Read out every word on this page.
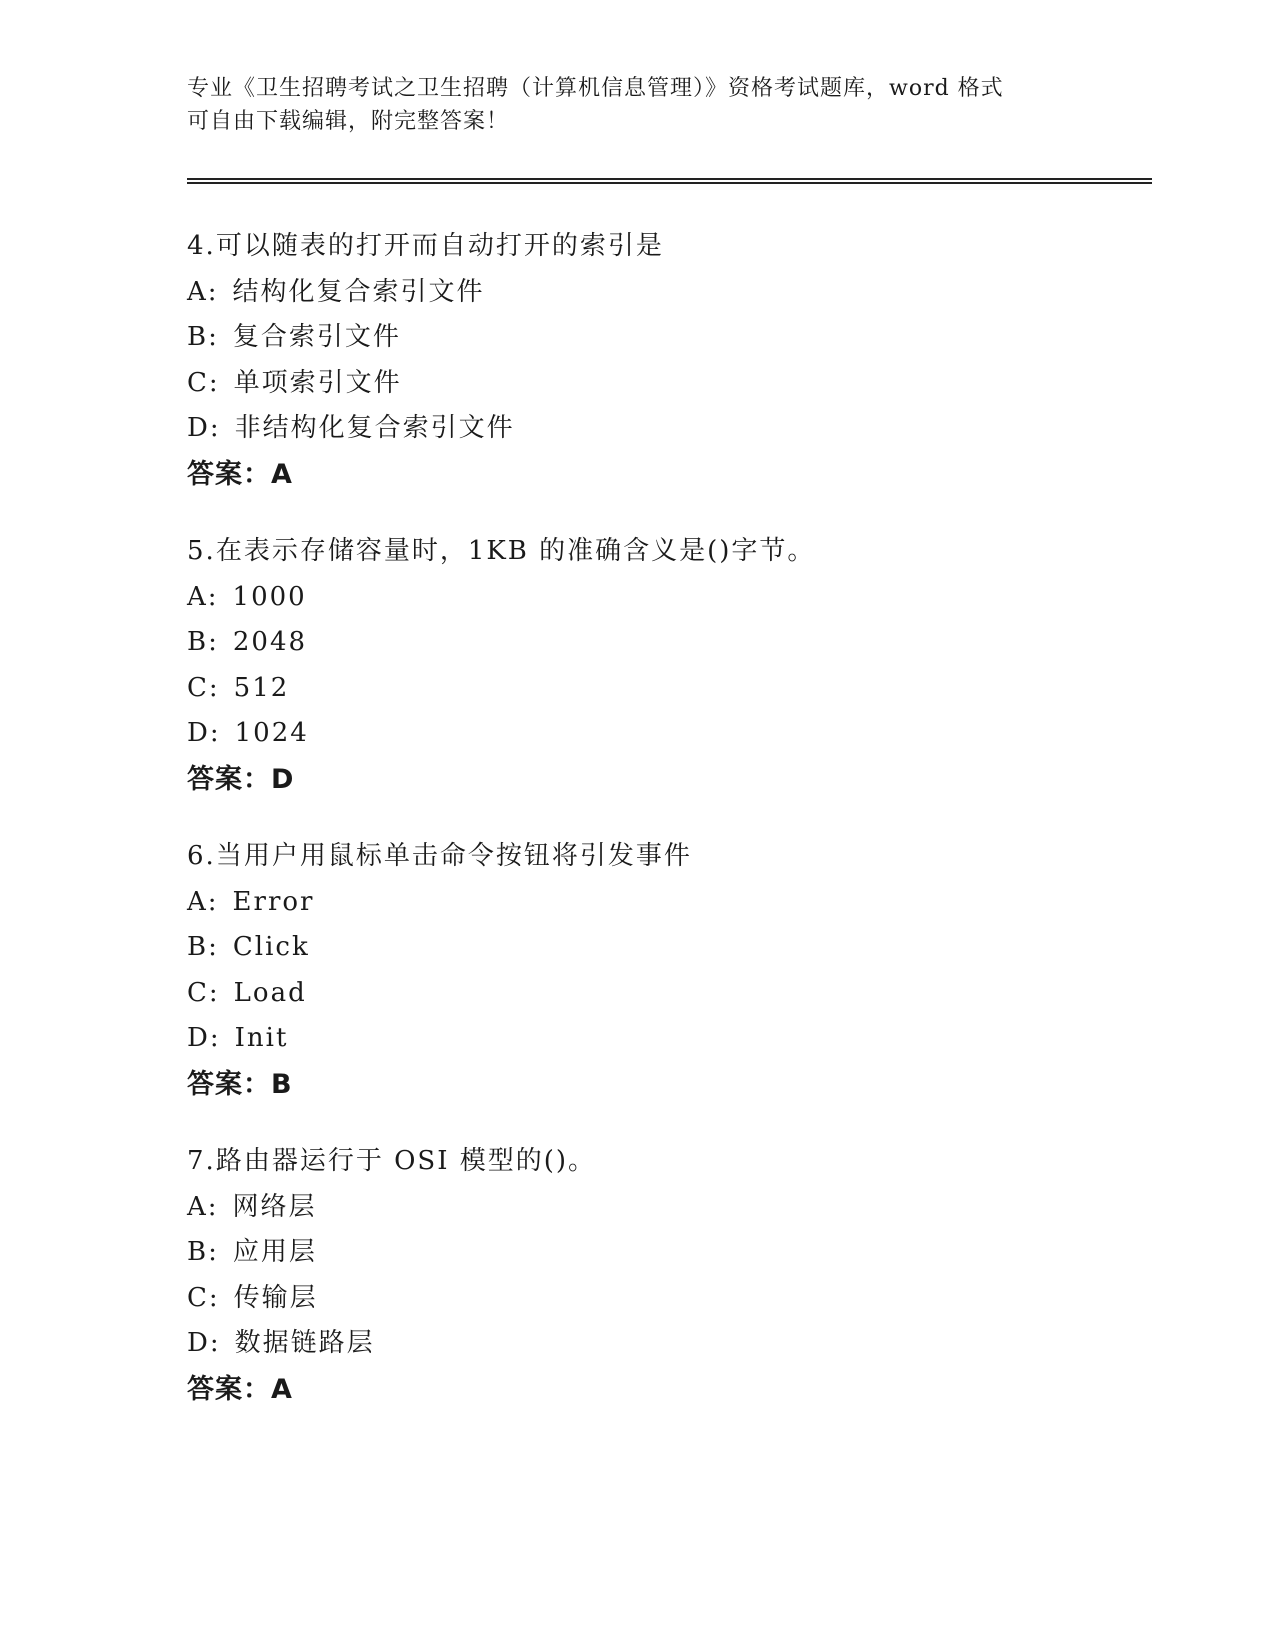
专业《卫生招聘考试之卫生招聘（计算机信息管理）》资格考试题库，word 格式
可自由下载编辑，附完整答案！
4.可以随表的打开而自动打开的索引是
A: 结构化复合索引文件
B: 复合索引文件
C: 单项索引文件
D: 非结构化复合索引文件
答案：A
5.在表示存储容量时，1KB 的准确含义是()字节。
A: 1000
B: 2048
C: 512
D: 1024
答案：D
6.当用户用鼠标单击命令按钮将引发事件
A: Error
B: Click
C: Load
D: Init
答案：B
7.路由器运行于 OSI 模型的()。
A: 网络层
B: 应用层
C: 传输层
D: 数据链路层
答案：A
